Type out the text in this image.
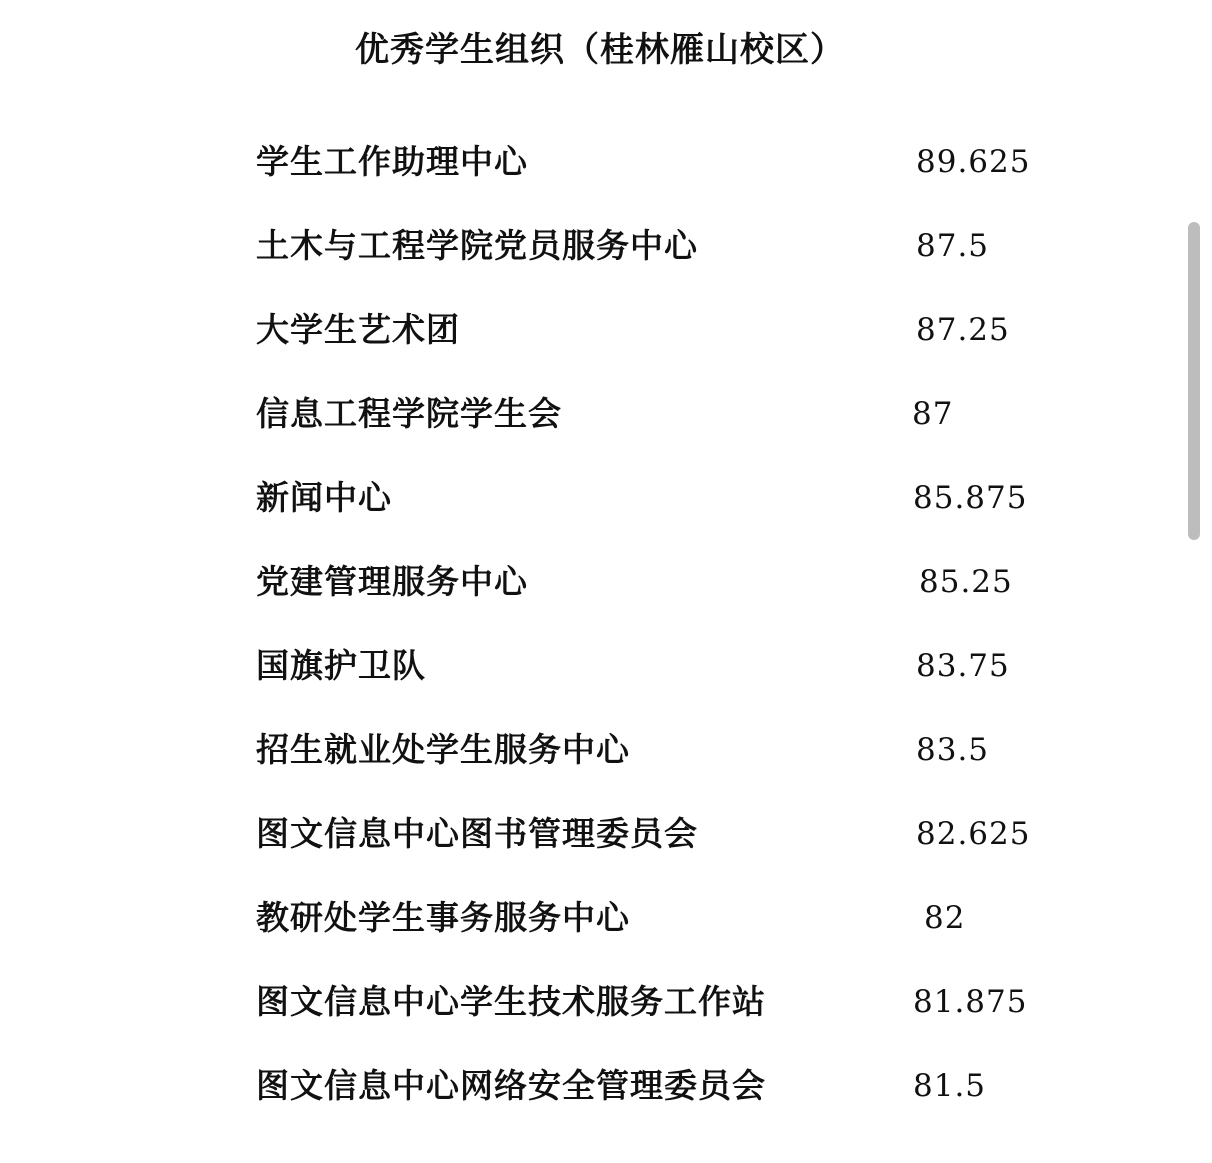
优秀学生组织（桂林雁山校区）
学生工作助理中心	89.625
土木与工程学院党员服务中心	87.5
大学生艺术团	87.25
信息工程学院学生会	87
新闻中心	85.875
党建管理服务中心	85.25
国旗护卫队	83.75
招生就业处学生服务中心	83.5
图文信息中心图书管理委员会	82.625
教研处学生事务服务中心	82
图文信息中心学生技术服务工作站	81.875
图文信息中心网络安全管理委员会	81.5
